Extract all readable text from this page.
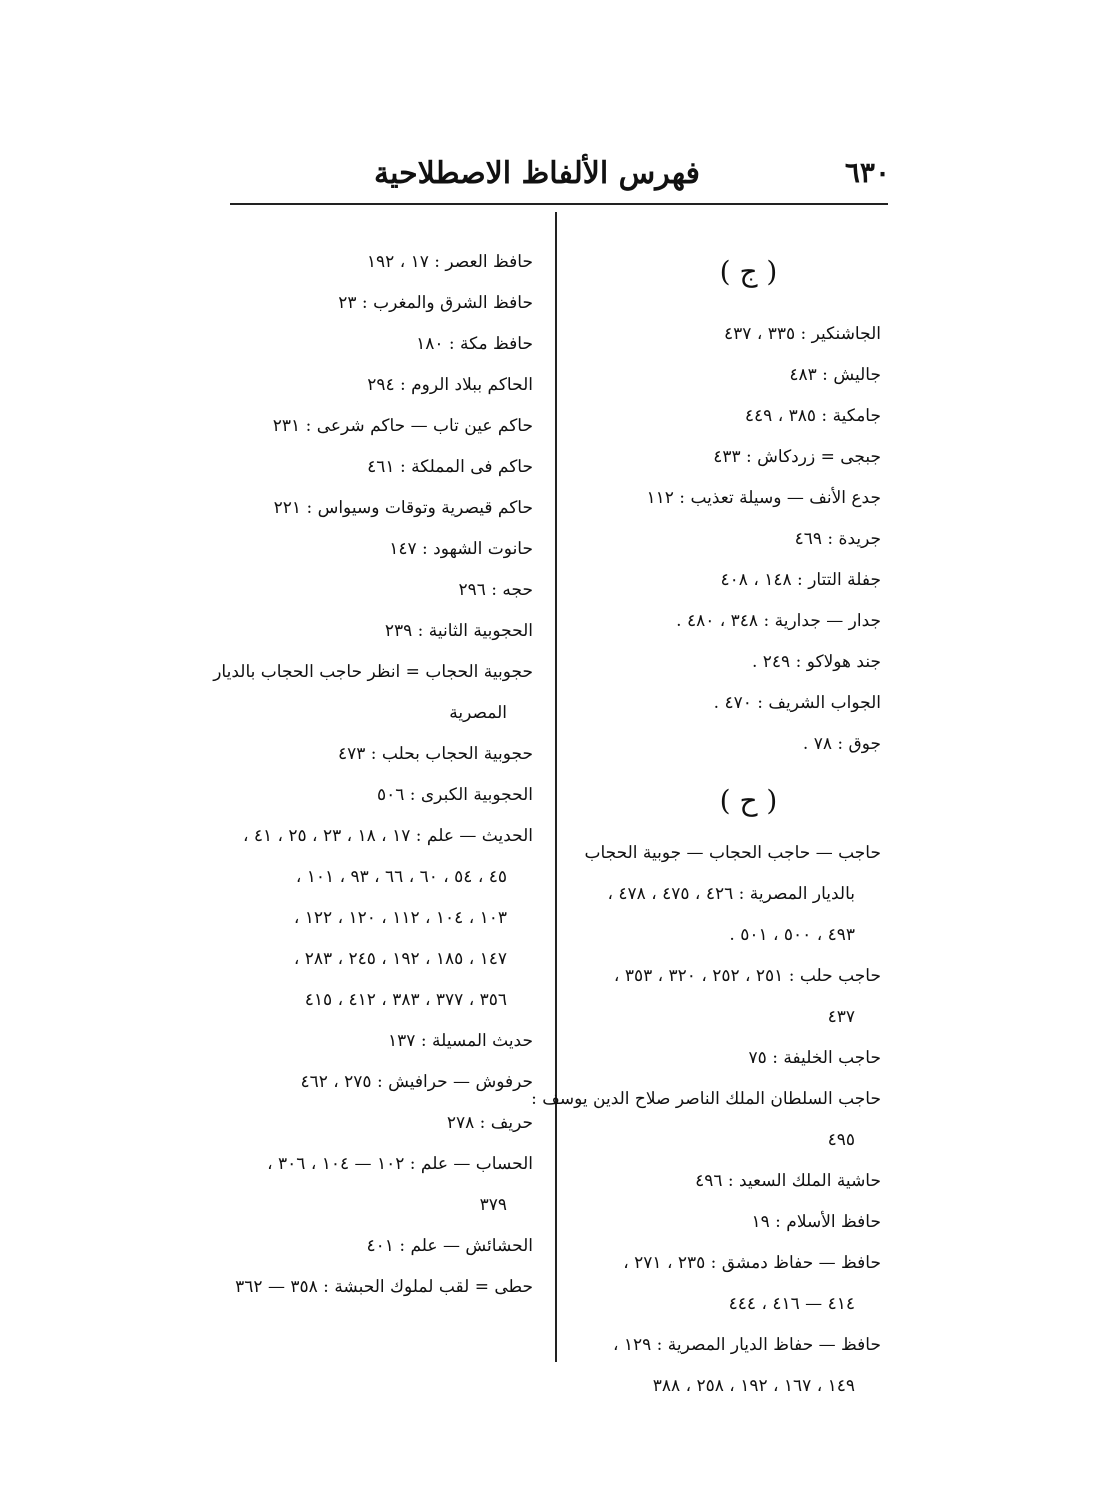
فهرس الألفاظ الاصطلاحية	٦٣٠
( ج )
الجاشنكير : ٣٣٥ ، ٤٣٧
جاليش : ٤٨٣
جامكية : ٣٨٥ ، ٤٤٩
جبجى = زردكاش : ٤٣٣
جدع الأنف — وسيلة تعذيب : ١١٢
جريدة : ٤٦٩
جفلة التتار : ١٤٨ ، ٤٠٨
جدار — جدارية : ٣٤٨ ، ٤٨٠ .
جند هولاكو : ٢٤٩ .
الجواب الشريف : ٤٧٠ .
جوق : ٧٨ .
( ح )
حاجب — حاجب الحجاب — جوبية الحجاب
بالديار المصرية : ٤٢٦ ، ٤٧٥ ، ٤٧٨ ،
٤٩٣ ، ٥٠٠ ، ٥٠١ .
حاجب حلب : ٢٥١ ، ٢٥٢ ، ٣٢٠ ، ٣٥٣ ،
٤٣٧
حاجب الخليفة : ٧٥
حاجب السلطان الملك الناصر صلاح الدين يوسف :
٤٩٥
حاشية الملك السعيد : ٤٩٦
حافظ الأسلام : ١٩
حافظ — حفاظ دمشق : ٢٣٥ ، ٢٧١ ،
٤١٤ — ٤١٦ ، ٤٤٤
حافظ — حفاظ الديار المصرية : ١٢٩ ،
١٤٩ ، ١٦٧ ، ١٩٢ ، ٢٥٨ ، ٣٨٨
حافظ العصر : ١٧ ، ١٩٢
حافظ الشرق والمغرب : ٢٣
حافظ مكة : ١٨٠
الحاكم ببلاد الروم : ٢٩٤
حاكم عين تاب — حاكم شرعى : ٢٣١
حاكم فى المملكة : ٤٦١
حاكم قيصرية وتوقات وسيواس : ٢٢١
حانوت الشهود : ١٤٧
حجه : ٢٩٦
الحجوبية الثانية : ٢٣٩
حجوبية الحجاب = انظر حاجب الحجاب بالديار
المصرية
حجوبية الحجاب بحلب : ٤٧٣
الحجوبية الكبرى : ٥٠٦
الحديث — علم : ١٧ ، ١٨ ، ٢٣ ، ٢٥ ، ٤١ ،
٤٥ ، ٥٤ ، ٦٠ ، ٦٦ ، ٩٣ ، ١٠١ ،
١٠٣ ، ١٠٤ ، ١١٢ ، ١٢٠ ، ١٢٢ ،
١٤٧ ، ١٨٥ ، ١٩٢ ، ٢٤٥ ، ٢٨٣ ،
٣٥٦ ، ٣٧٧ ، ٣٨٣ ، ٤١٢ ، ٤١٥
حديث المسيلة : ١٣٧
حرفوش — حرافيش : ٢٧٥ ، ٤٦٢
حريف : ٢٧٨
الحساب — علم : ١٠٢ — ١٠٤ ، ٣٠٦ ،
٣٧٩
الحشائش — علم : ٤٠١
حطى = لقب لملوك الحبشة : ٣٥٨ — ٣٦٢
